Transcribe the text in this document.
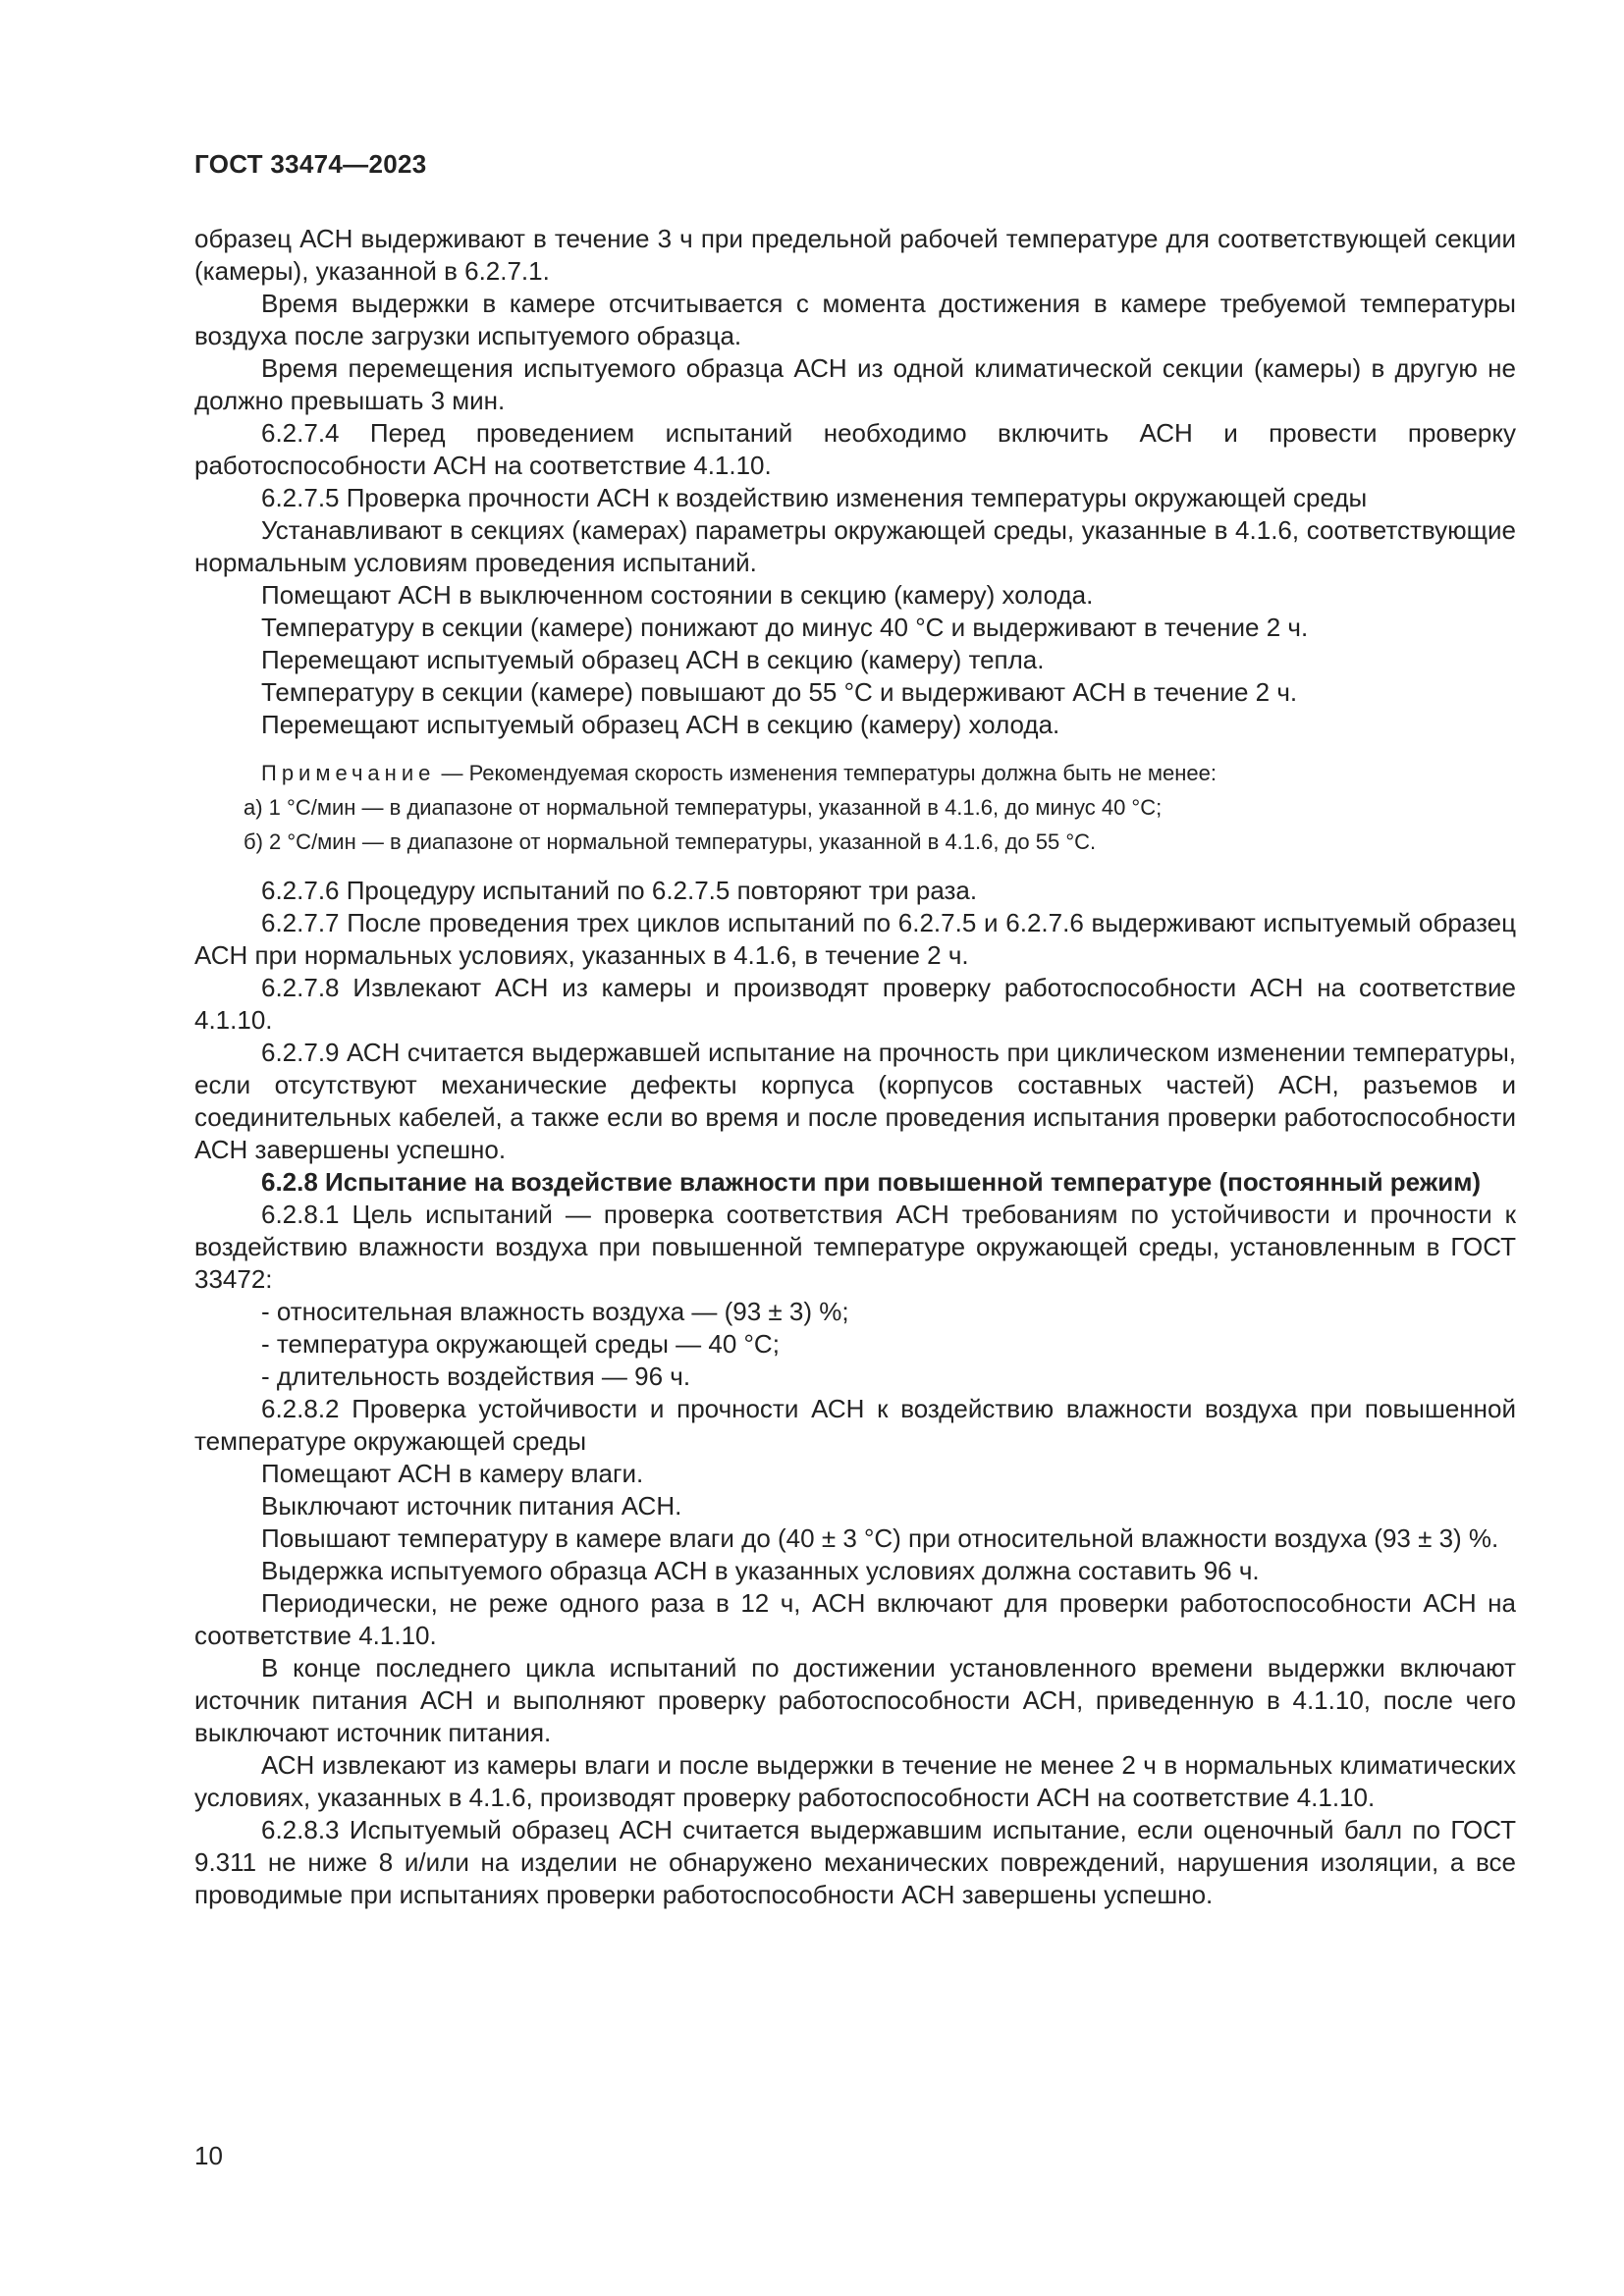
ГОСТ 33474—2023

образец АСН выдерживают в течение 3 ч при предельной рабочей температуре для соответствующей секции (камеры), указанной в 6.2.7.1.

Время выдержки в камере отсчитывается с момента достижения в камере требуемой температуры воздуха после загрузки испытуемого образца.

Время перемещения испытуемого образца АСН из одной климатической секции (камеры) в другую не должно превышать 3 мин.

6.2.7.4 Перед проведением испытаний необходимо включить АСН и провести проверку работоспособности АСН на соответствие 4.1.10.

6.2.7.5 Проверка прочности АСН к воздействию изменения температуры окружающей среды

Устанавливают в секциях (камерах) параметры окружающей среды, указанные в 4.1.6, соответствующие нормальным условиям проведения испытаний.

Помещают АСН в выключенном состоянии в секцию (камеру) холода.

Температуру в секции (камере) понижают до минус 40 °С и выдерживают в течение 2 ч.

Перемещают испытуемый образец АСН в секцию (камеру) тепла.

Температуру в секции (камере) повышают до 55 °С и выдерживают АСН в течение 2 ч.

Перемещают испытуемый образец АСН в секцию (камеру) холода.

Примечание — Рекомендуемая скорость изменения температуры должна быть не менее:

а) 1 °С/мин — в диапазоне от нормальной температуры, указанной в 4.1.6, до минус 40 °С;

б) 2 °С/мин — в диапазоне от нормальной температуры, указанной в 4.1.6, до 55 °С.

6.2.7.6 Процедуру испытаний по 6.2.7.5 повторяют три раза.

6.2.7.7 После проведения трех циклов испытаний по 6.2.7.5 и 6.2.7.6 выдерживают испытуемый образец АСН при нормальных условиях, указанных в 4.1.6, в течение 2 ч.

6.2.7.8 Извлекают АСН из камеры и производят проверку работоспособности АСН на соответствие 4.1.10.

6.2.7.9 АСН считается выдержавшей испытание на прочность при циклическом изменении температуры, если отсутствуют механические дефекты корпуса (корпусов составных частей) АСН, разъемов и соединительных кабелей, а также если во время и после проведения испытания проверки работоспособности АСН завершены успешно.

6.2.8 Испытание на воздействие влажности при повышенной температуре (постоянный режим)

6.2.8.1 Цель испытаний — проверка соответствия АСН требованиям по устойчивости и прочности к воздействию влажности воздуха при повышенной температуре окружающей среды, установленным в ГОСТ 33472:

- относительная влажность воздуха — (93 ± 3) %;

- температура окружающей среды — 40 °С;

- длительность воздействия — 96 ч.

6.2.8.2 Проверка устойчивости и прочности АСН к воздействию влажности воздуха при повышенной температуре окружающей среды

Помещают АСН в камеру влаги.

Выключают источник питания АСН.

Повышают температуру в камере влаги до (40 ± 3 °С) при относительной влажности воздуха (93 ± 3) %.

Выдержка испытуемого образца АСН в указанных условиях должна составить 96 ч.

Периодически, не реже одного раза в 12 ч, АСН включают для проверки работоспособности АСН на соответствие 4.1.10.

В конце последнего цикла испытаний по достижении установленного времени выдержки включают источник питания АСН и выполняют проверку работоспособности АСН, приведенную в 4.1.10, после чего выключают источник питания.

АСН извлекают из камеры влаги и после выдержки в течение не менее 2 ч в нормальных климатических условиях, указанных в 4.1.6, производят проверку работоспособности АСН на соответствие 4.1.10.

6.2.8.3 Испытуемый образец АСН считается выдержавшим испытание, если оценочный балл по ГОСТ 9.311 не ниже 8 и/или на изделии не обнаружено механических повреждений, нарушения изоляции, а все проводимые при испытаниях проверки работоспособности АСН завершены успешно.

10
